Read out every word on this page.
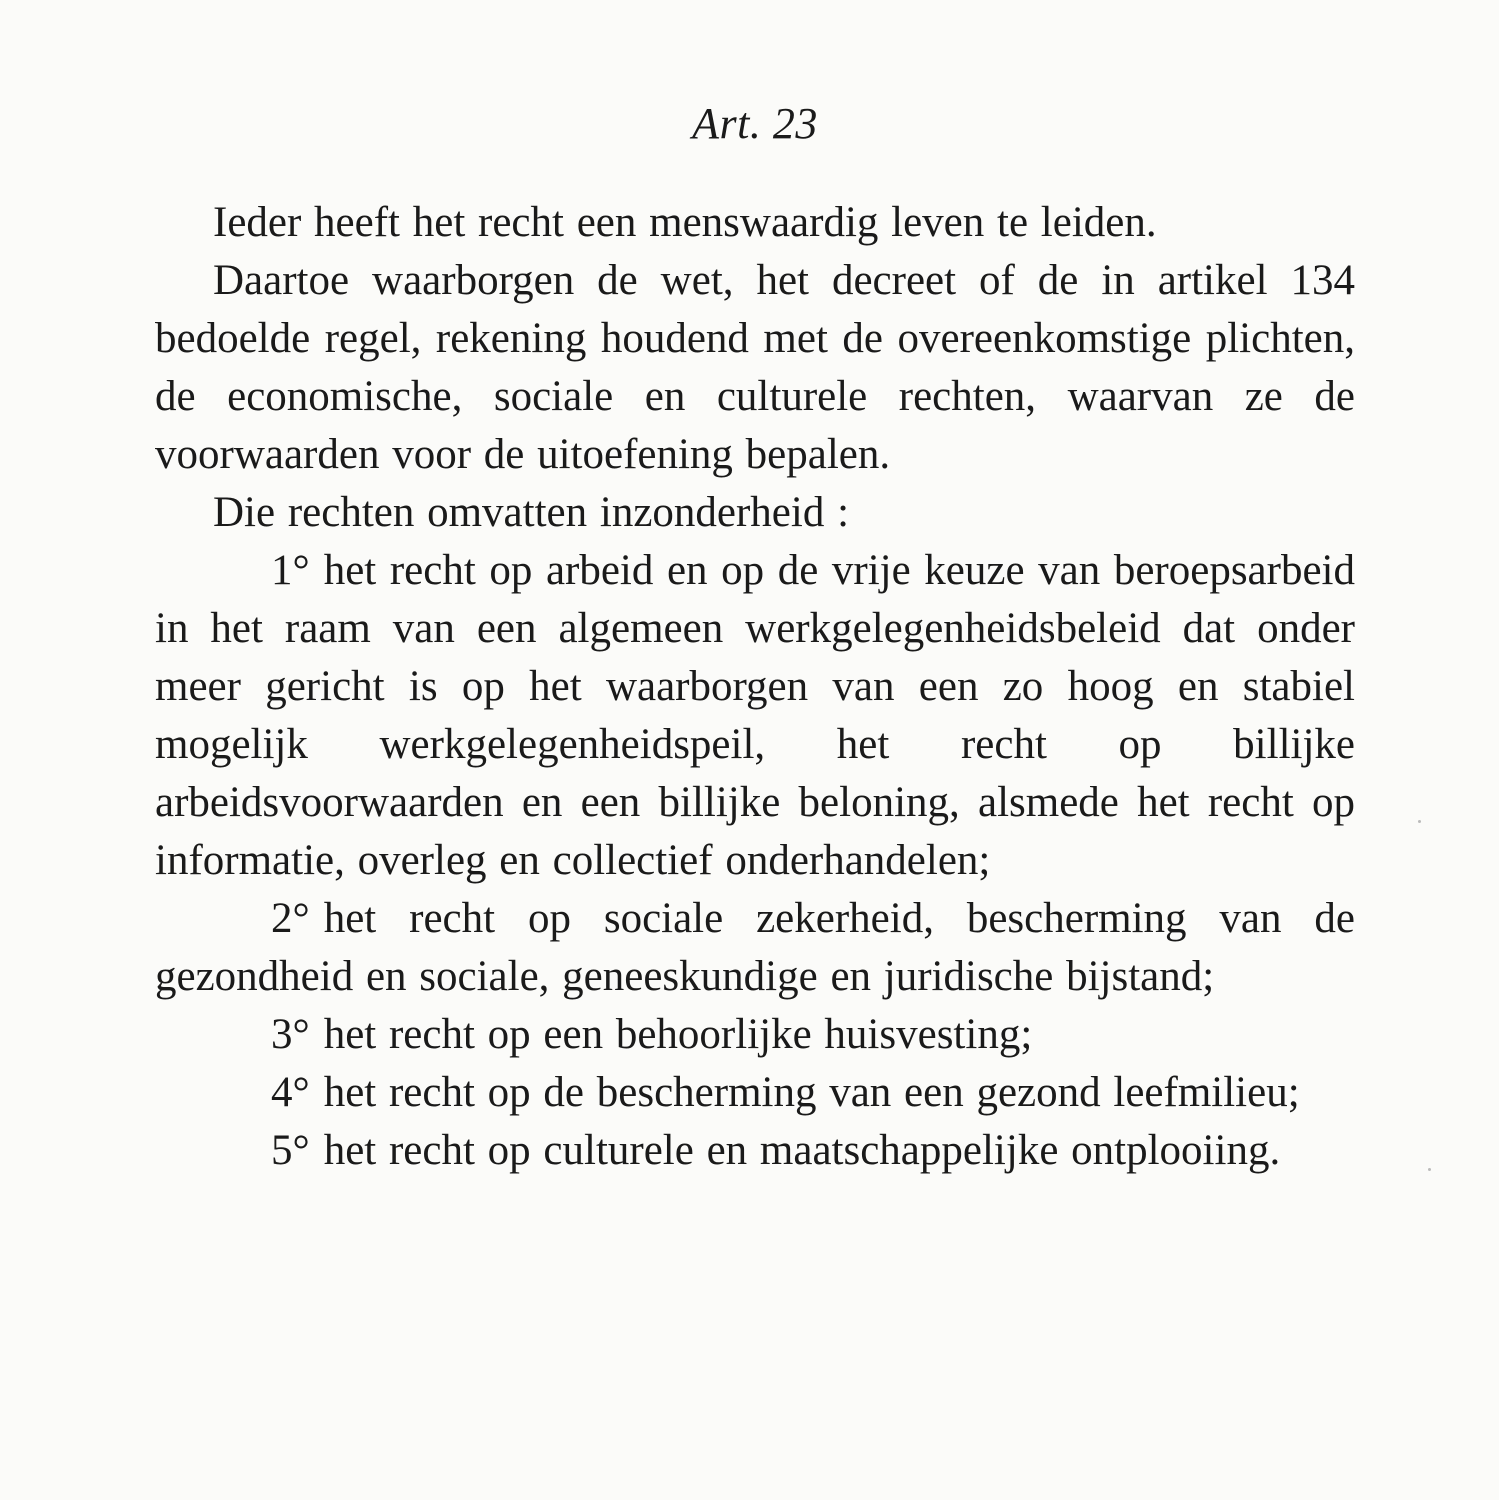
Art. 23

Ieder heeft het recht een menswaardig leven te leiden.

Daartoe waarborgen de wet, het decreet of de in artikel 134 bedoelde regel, rekening houdend met de overeenkomstige plichten, de economische, sociale en culturele rechten, waarvan ze de voorwaarden voor de uitoefening bepalen.

Die rechten omvatten inzonderheid :

1° het recht op arbeid en op de vrije keuze van beroepsarbeid in het raam van een algemeen werkgelegenheidsbeleid dat onder meer gericht is op het waarborgen van een zo hoog en stabiel mogelijk werkgelegenheidspeil, het recht op billijke arbeidsvoorwaarden en een billijke beloning, alsmede het recht op informatie, overleg en collectief onderhandelen;

2° het recht op sociale zekerheid, bescherming van de gezondheid en sociale, geneeskundige en juridische bijstand;

3° het recht op een behoorlijke huisvesting;

4° het recht op de bescherming van een gezond leefmilieu;

5° het recht op culturele en maatschappelijke ontplooiing.
